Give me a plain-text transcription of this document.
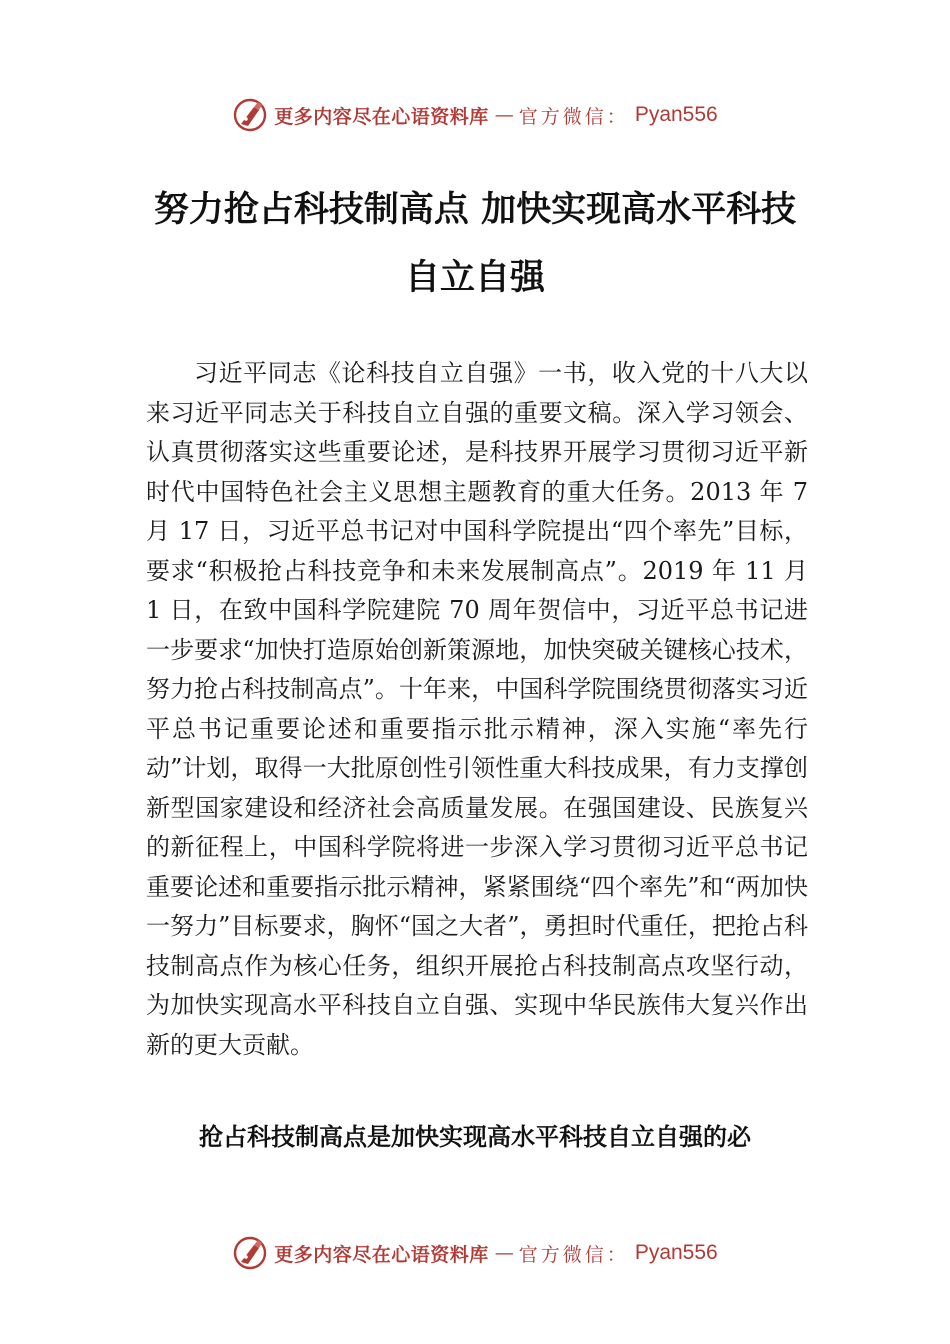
更多内容尽在心语资料库 — 官方微信： Pyan556
努力抢占科技制高点 加快实现高水平科技
自立自强

习近平同志《论科技自立自强》一书，收入党的十八大以来习近平同志关于科技自立自强的重要文稿。深入学习领会、认真贯彻落实这些重要论述，是科技界开展学习贯彻习近平新时代中国特色社会主义思想主题教育的重大任务。2013 年 7 月 17 日，习近平总书记对中国科学院提出“四个率先”目标，要求“积极抢占科技竞争和未来发展制高点”。2019 年 11 月 1 日，在致中国科学院建院 70 周年贺信中，习近平总书记进一步要求“加快打造原始创新策源地，加快突破关键核心技术，努力抢占科技制高点”。十年来，中国科学院围绕贯彻落实习近平总书记重要论述和重要指示批示精神，深入实施“率先行动”计划，取得一大批原创性引领性重大科技成果，有力支撑创新型国家建设和经济社会高质量发展。在强国建设、民族复兴的新征程上，中国科学院将进一步深入学习贯彻习近平总书记重要论述和重要指示批示精神，紧紧围绕“四个率先”和“两加快一努力”目标要求，胸怀“国之大者”，勇担时代重任，把抢占科技制高点作为核心任务，组织开展抢占科技制高点攻坚行动，为加快实现高水平科技自立自强、实现中华民族伟大复兴作出新的更大贡献。

抢占科技制高点是加快实现高水平科技自立自强的必
更多内容尽在心语资料库 — 官方微信： Pyan556
